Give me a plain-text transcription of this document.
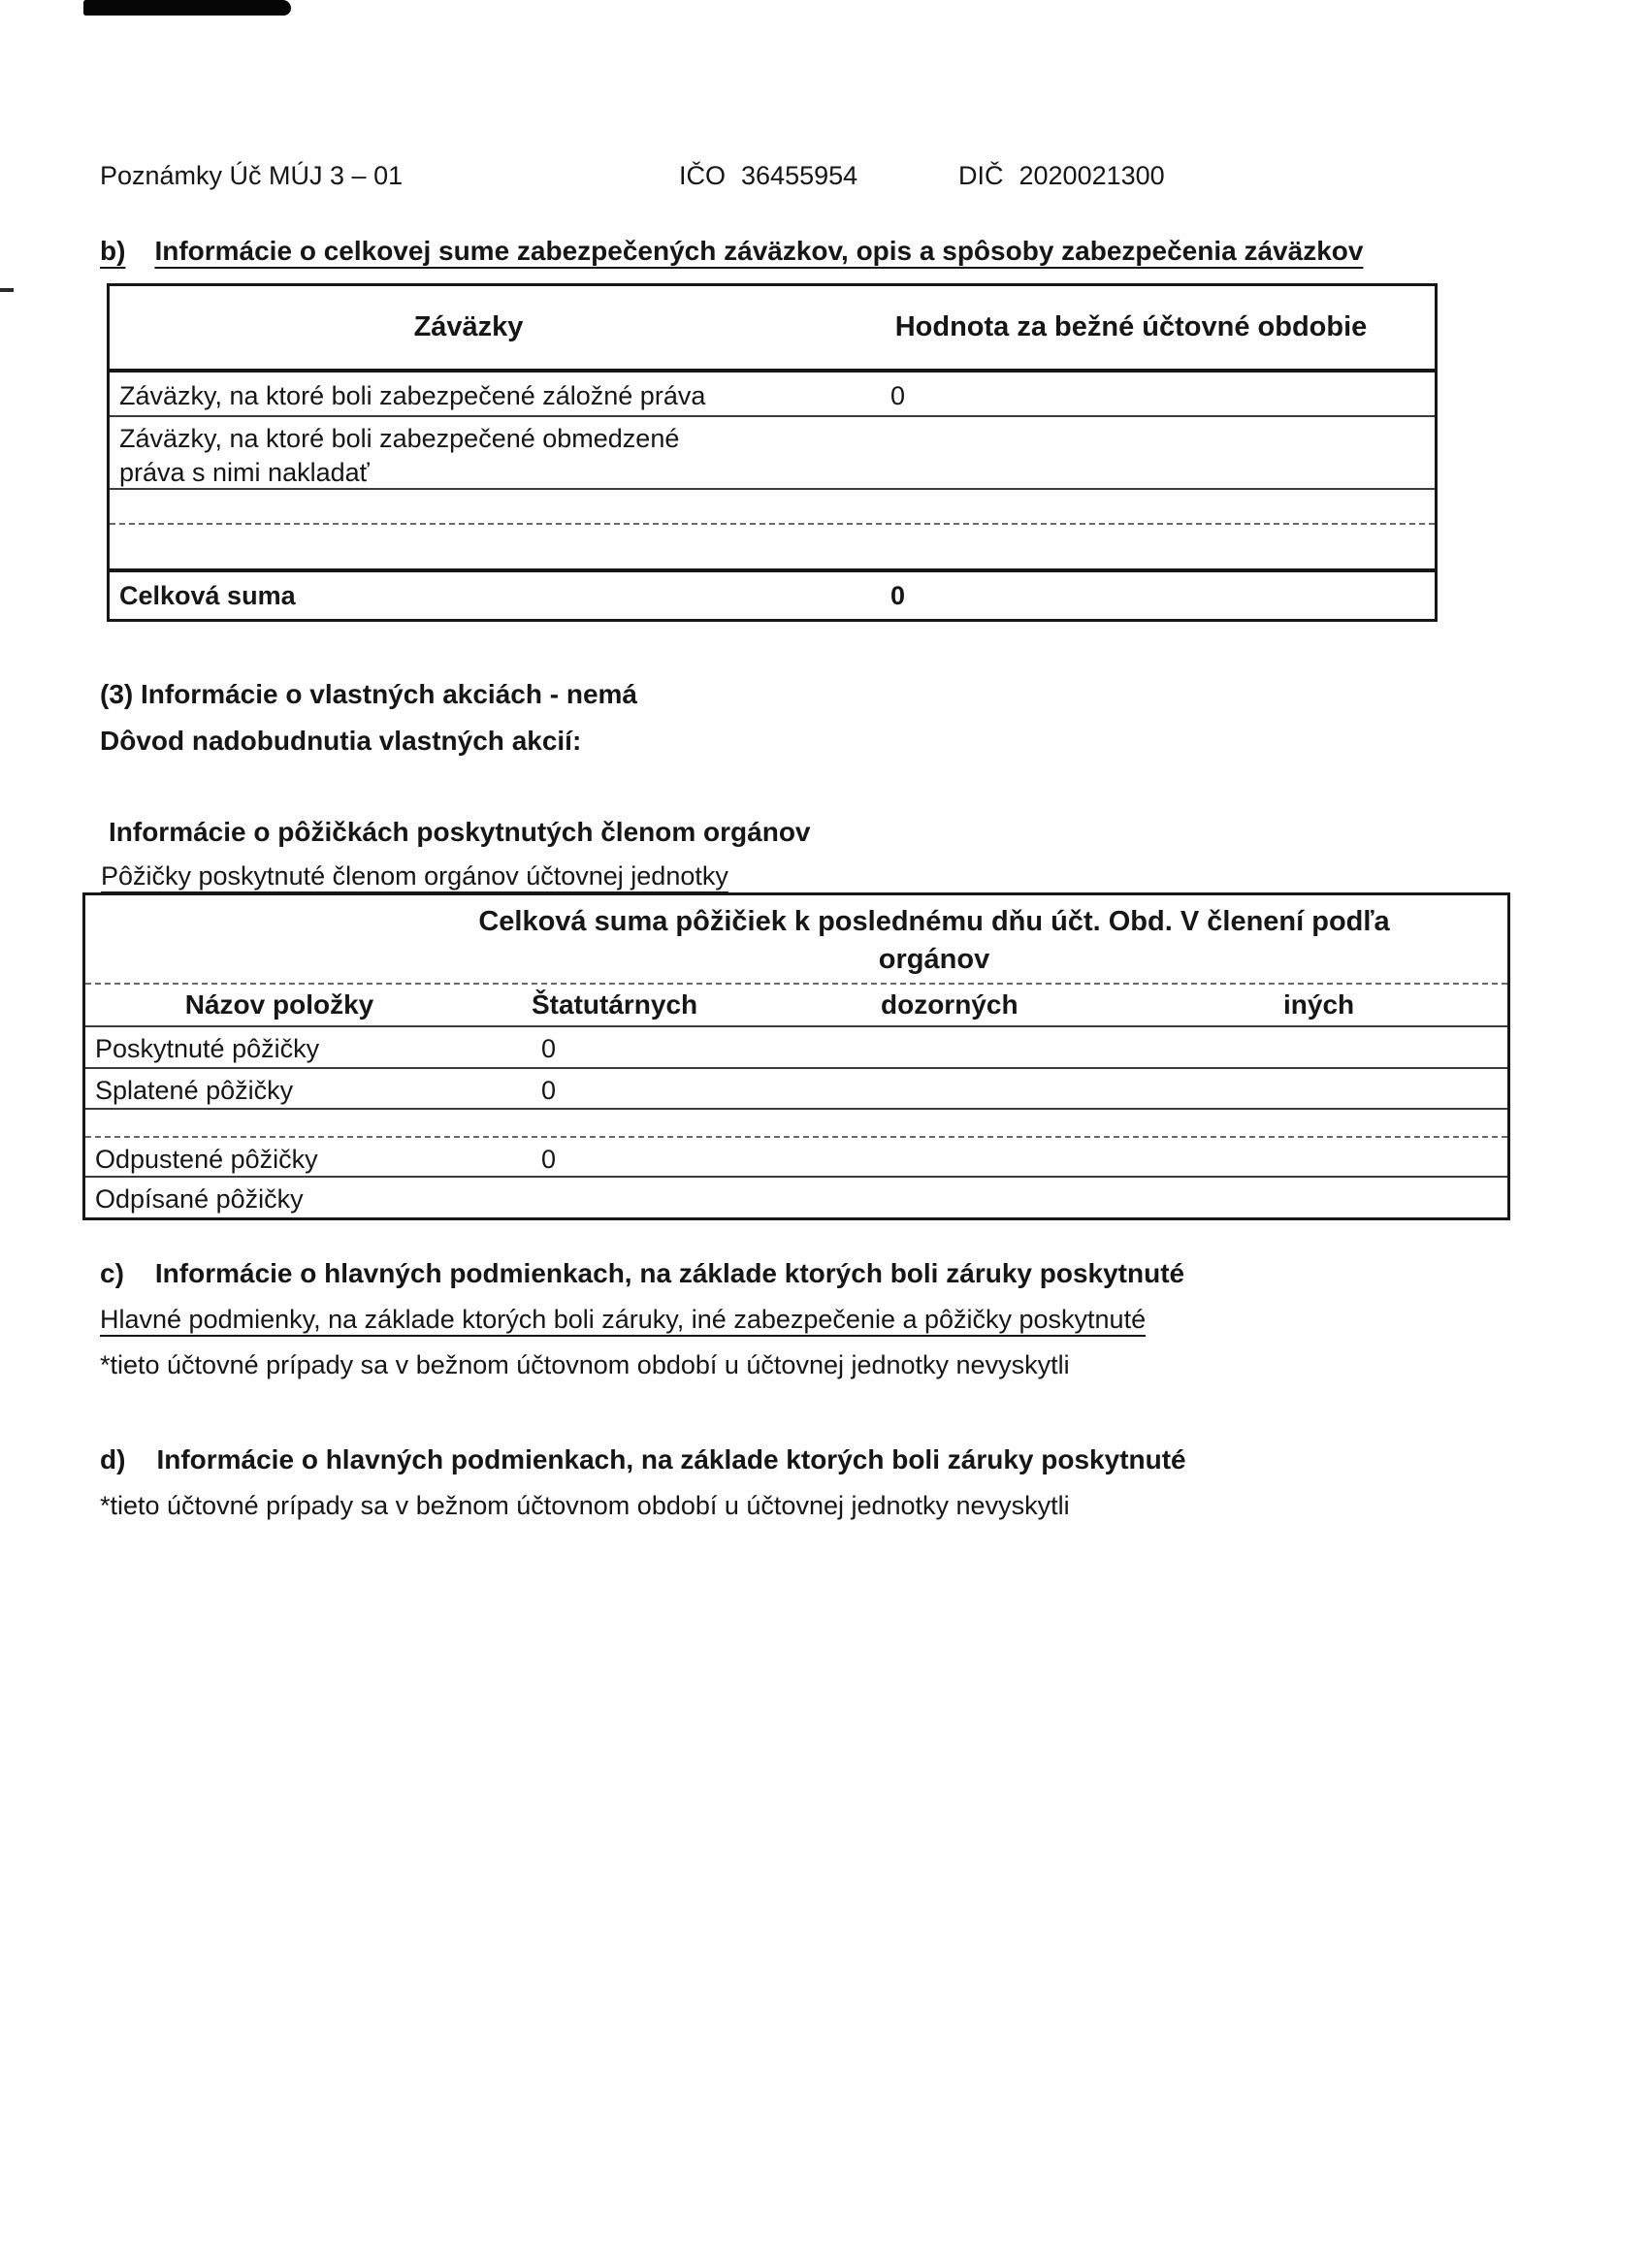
Poznámky Úč MÚJ 3 – 01	IČO 36455954	DIČ 2020021300
b) Informácie o celkovej sume zabezpečených záväzkov, opis a spôsoby zabezpečenia záväzkov
Záväzky	Hodnota za bežné účtovné obdobie
Záväzky, na ktoré boli zabezpečené záložné práva	0
Záväzky, na ktoré boli zabezpečené obmedzené práva s nimi nakladať
Celková suma	0
(3) Informácie o vlastných akciách - nemá
Dôvod nadobudnutia vlastných akcií:
Informácie o pôžičkách poskytnutých členom orgánov
Pôžičky poskytnuté členom orgánov účtovnej jednotky
Celková suma pôžičiek k poslednému dňu účt. Obd. V členení podľa
orgánov
Názov položky	Štatutárnych	dozorných	iných
Poskytnuté pôžičky	0
Splatené pôžičky	0
Odpustené pôžičky	0
Odpísané pôžičky
c) Informácie o hlavných podmienkach, na základe ktorých boli záruky poskytnuté
Hlavné podmienky, na základe ktorých boli záruky, iné zabezpečenie a pôžičky poskytnuté
*tieto účtovné prípady sa v bežnom účtovnom období u účtovnej jednotky nevyskytli
d) Informácie o hlavných podmienkach, na základe ktorých boli záruky poskytnuté
*tieto účtovné prípady sa v bežnom účtovnom období u účtovnej jednotky nevyskytli
